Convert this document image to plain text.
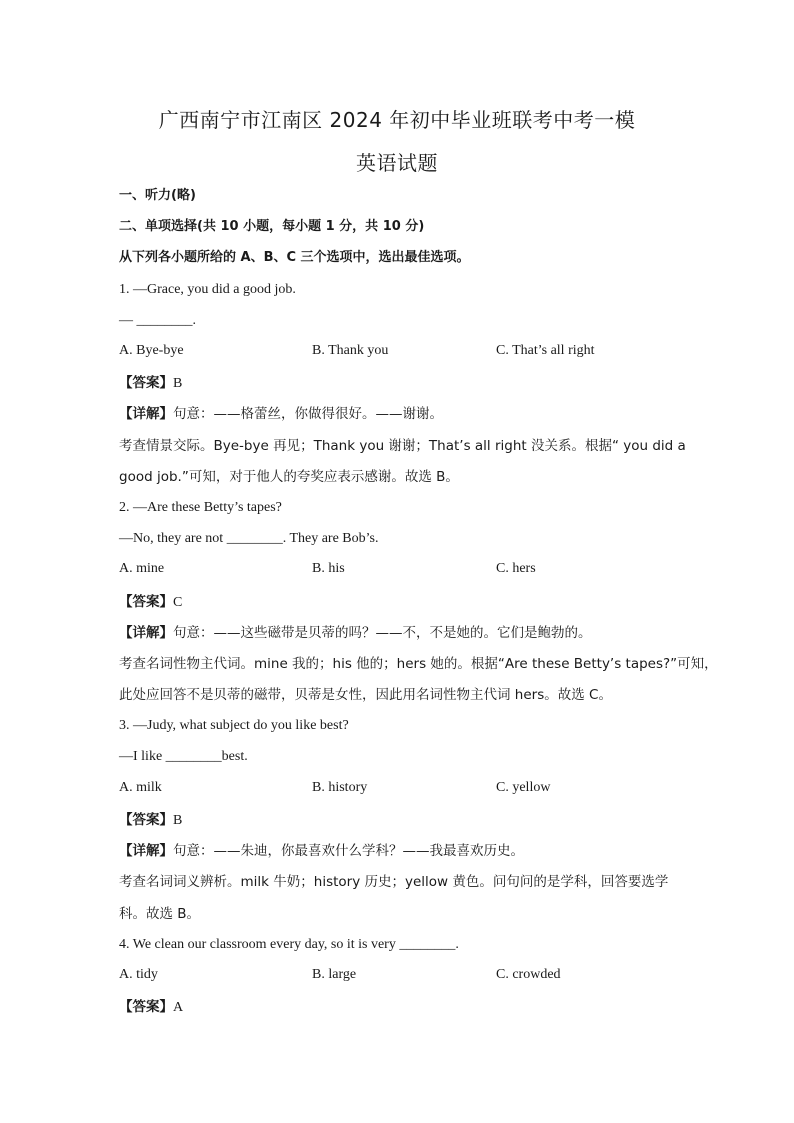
广西南宁市江南区 2024 年初中毕业班联考中考一模
英语试题
一、听力(略)
二、单项选择(共 10 小题，每小题 1 分，共 10 分)
从下列各小题所给的 A、B、C 三个选项中，选出最佳选项。
1. —Grace, you did a good job.
— ________.
A. Bye-bye	B. Thank you	C. That’s all right
【答案】B
【详解】句意：——格蕾丝，你做得很好。——谢谢。
考查情景交际。Bye-bye 再见；Thank you 谢谢；That’s all right 没关系。根据“ you did a
good job.”可知，对于他人的夸奖应表示感谢。故选 B。
2. —Are these Betty’s tapes?
—No, they are not ________. They are Bob’s.
A. mine	B. his	C. hers
【答案】C
【详解】句意：——这些磁带是贝蒂的吗？——不，不是她的。它们是鲍勃的。
考查名词性物主代词。mine 我的；his 他的；hers 她的。根据“Are these Betty’s tapes?”可知，
此处应回答不是贝蒂的磁带，贝蒂是女性，因此用名词性物主代词 hers。故选 C。
3. —Judy, what subject do you like best?
—I like ________best.
A. milk	B. history	C. yellow
【答案】B
【详解】句意：——朱迪，你最喜欢什么学科？——我最喜欢历史。
考查名词词义辨析。milk 牛奶；history 历史；yellow 黄色。问句问的是学科，回答要选学
科。故选 B。
4. We clean our classroom every day, so it is very ________.
A. tidy	B. large	C. crowded
【答案】A
